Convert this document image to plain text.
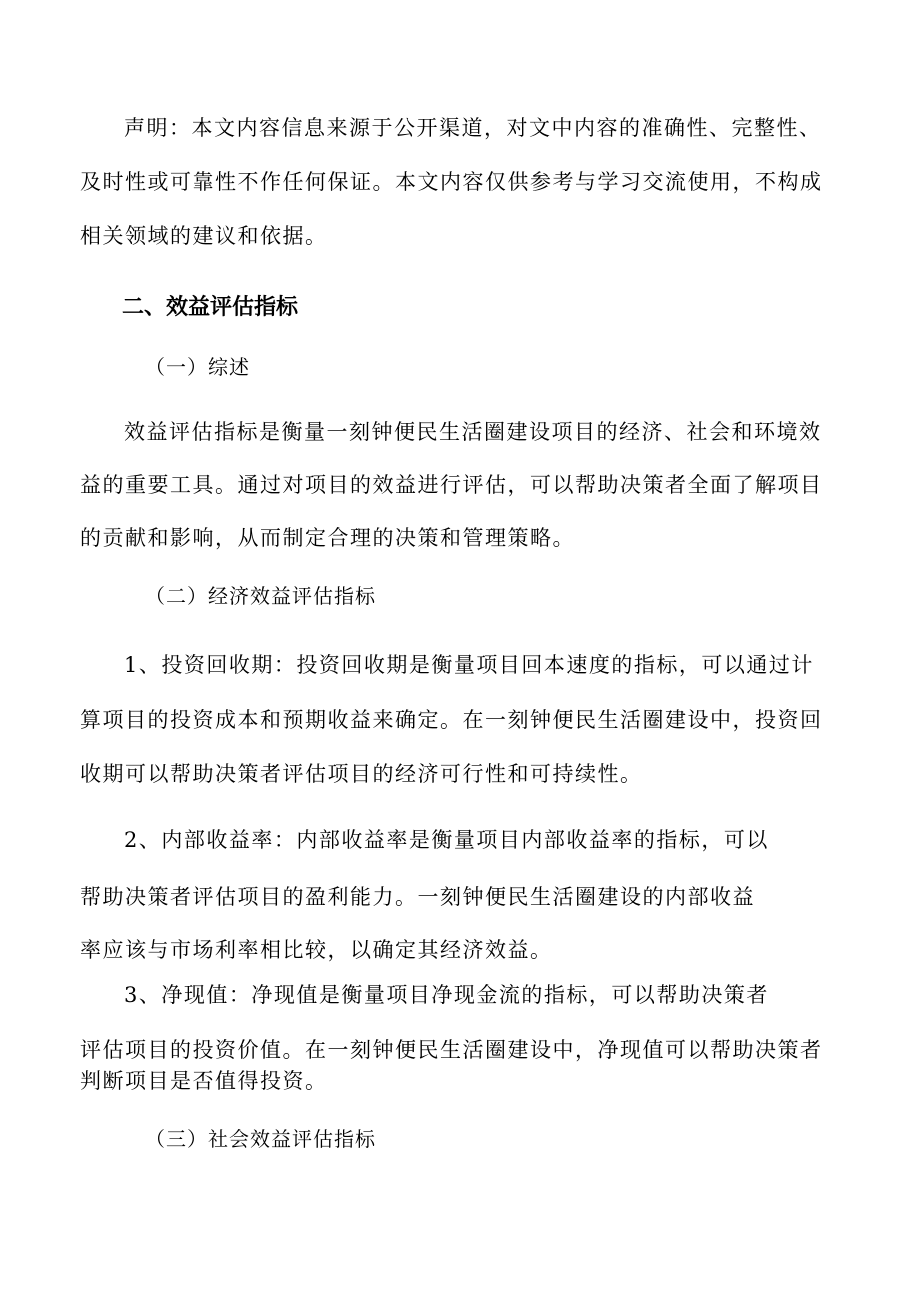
声明：本文内容信息来源于公开渠道，对文中内容的准确性、完整性、
及时性或可靠性不作任何保证。本文内容仅供参考与学习交流使用，不构成
相关领域的建议和依据。
二、效益评估指标
（一）综述
效益评估指标是衡量一刻钟便民生活圈建设项目的经济、社会和环境效
益的重要工具。通过对项目的效益进行评估，可以帮助决策者全面了解项目
的贡献和影响，从而制定合理的决策和管理策略。
（二）经济效益评估指标
1、投资回收期：投资回收期是衡量项目回本速度的指标，可以通过计
算项目的投资成本和预期收益来确定。在一刻钟便民生活圈建设中，投资回
收期可以帮助决策者评估项目的经济可行性和可持续性。
2、内部收益率：内部收益率是衡量项目内部收益率的指标，可以
帮助决策者评估项目的盈利能力。一刻钟便民生活圈建设的内部收益
率应该与市场利率相比较，以确定其经济效益。
3、净现值：净现值是衡量项目净现金流的指标，可以帮助决策者
评估项目的投资价值。在一刻钟便民生活圈建设中，净现值可以帮助决策者
判断项目是否值得投资。
（三）社会效益评估指标
